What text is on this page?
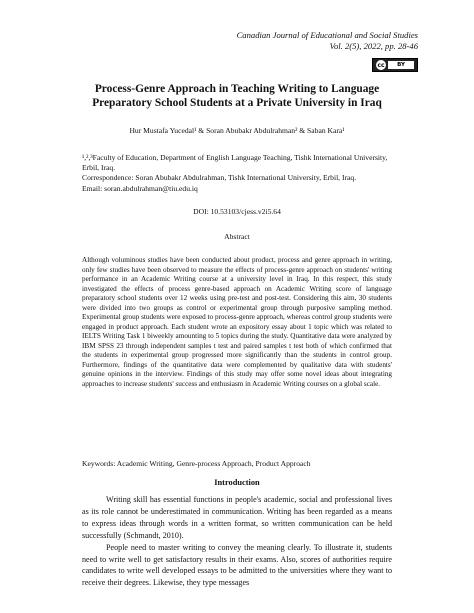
Canadian Journal of Educational and Social Studies
Vol. 2(5), 2022, pp. 28-46
cc	BY
Process-Genre Approach in Teaching Writing to Language Preparatory School Students at a Private University in Iraq
Hur Mustafa Yucedal¹ & Soran Abubakr Abdulrahman² & Saban Kara¹
¹,²,³Faculty of Education, Department of English Language Teaching, Tishk International University, Erbil, Iraq.
Correspondence: Soran Abubakr Abdulrahman, Tishk International University, Erbil, Iraq.
Email: soran.abdulrahman@tiu.edu.iq
DOI: 10.53103/cjess.v2i5.64
Abstract
Although voluminous studies have been conducted about product, process and genre approach in writing, only few studies have been observed to measure the effects of process-genre approach on students' writing performance in an Academic Writing course at a university level in Iraq. In this respect, this study investigated the effects of process genre-based approach on Academic Writing score of language preparatory school students over 12 weeks using pre-test and post-test. Considering this aim, 30 students were divided into two groups as control or experimental group through purposive sampling method. Experimental group students were exposed to process-genre approach, whereas control group students were engaged in product approach. Each student wrote an expository essay about 1 topic which was related to IELTS Writing Task 1 biweekly amounting to 5 topics during the study. Quantitative data were analyzed by IBM SPSS 23 through independent samples t test and paired samples t test both of which confirmed that the students in experimental group progressed more significantly than the students in control group. Furthermore, findings of the quantitative data were complemented by qualitative data with students' genuine opinions in the interview. Findings of this study may offer some novel ideas about integrating approaches to increase students' success and enthusiasm in Academic Writing courses on a global scale.
Keywords: Academic Writing, Genre-process Approach, Product Approach
Introduction

Writing skill has essential functions in people's academic, social and professional lives as its role cannot be underestimated in communication. Writing has been regarded as a means to express ideas through words in a written format, so written communication can be held successfully (Schmandt, 2010).

People need to master writing to convey the meaning clearly. To illustrate it, students need to write well to get satisfactory results in their exams. Also, scores of authorities require candidates to write well developed essays to be admitted to the universities where they want to receive their degrees. Likewise, they type messages
